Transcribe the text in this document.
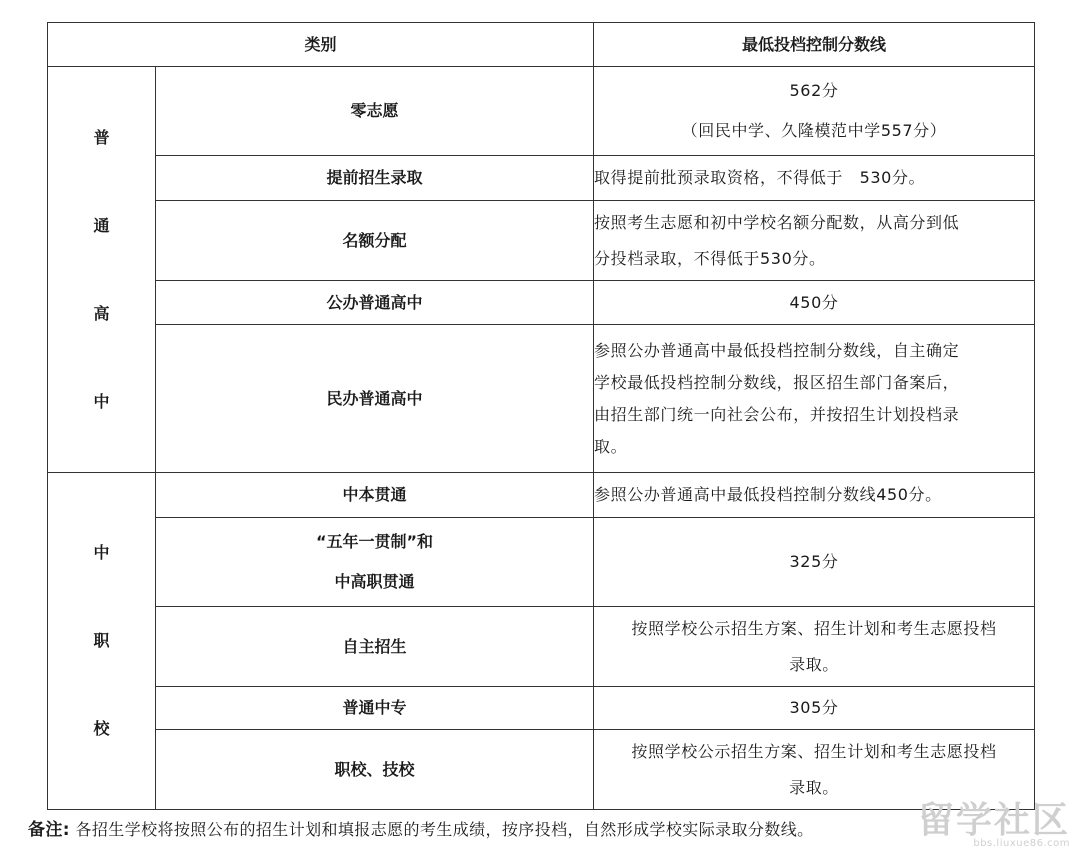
类别		最低投档控制分数线

普
通
高
中	零志愿	562分
（回民中学、久隆模范中学557分）

	提前招生录取	取得提前批预录取资格，不得低于　530分。

	名额分配	按照考生志愿和初中学校名额分配数，从高分到低
分投档录取，不得低于530分。

	公办普通高中	450分

	民办普通高中	参照公办普通高中最低投档控制分数线，自主确定
学校最低投档控制分数线，报区招生部门备案后，
由招生部门统一向社会公布，并按招生计划投档录
取。

中
职
校	中本贯通	参照公办普通高中最低投档控制分数线450分。

	“五年一贯制”和
中高职贯通	325分

	自主招生	按照学校公示招生方案、招生计划和考生志愿投档
录取。

	普通中专	305分

	职校、技校	按照学校公示招生方案、招生计划和考生志愿投档
录取。
备注: 各招生学校将按照公布的招生计划和填报志愿的考生成绩，按序投档，自然形成学校实际录取分数线。	留学社区
bbs.liuxue86.com
